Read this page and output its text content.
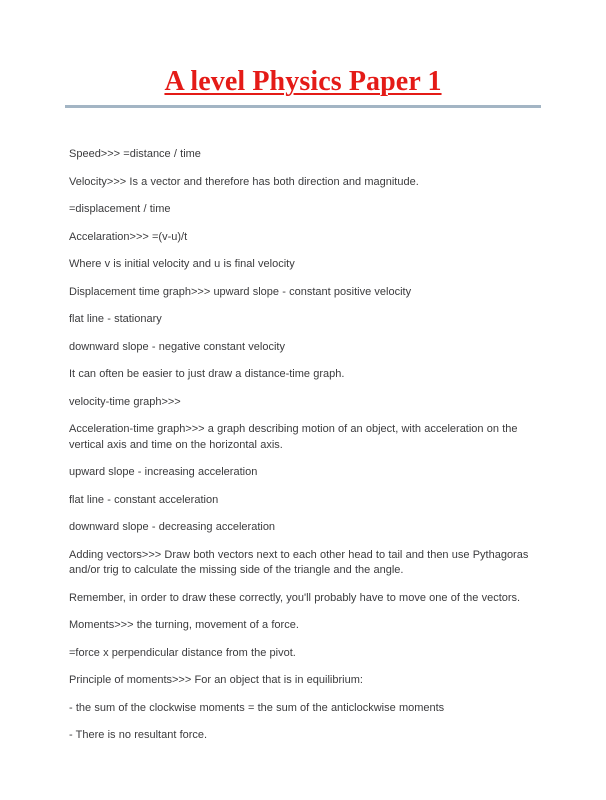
A level Physics Paper 1

Speed>>> =distance / time

Velocity>>> Is a vector and therefore has both direction and magnitude.

=displacement / time

Accelaration>>> =(v-u)/t

Where v is initial velocity and u is final velocity

Displacement time graph>>> upward slope - constant positive velocity

flat line - stationary

downward slope - negative constant velocity

It can often be easier to just draw a distance-time graph.

velocity-time graph>>>

Acceleration-time graph>>> a graph describing motion of an object, with acceleration on the vertical axis and time on the horizontal axis.

upward slope - increasing acceleration

flat line - constant acceleration

downward slope - decreasing acceleration

Adding vectors>>> Draw both vectors next to each other head to tail and then use Pythagoras and/or trig to calculate the missing side of the triangle and the angle.

Remember, in order to draw these correctly, you'll probably have to move one of the vectors.

Moments>>> the turning, movement of a force.

=force x perpendicular distance from the pivot.

Principle of moments>>> For an object that is in equilibrium:

- the sum of the clockwise moments = the sum of the anticlockwise moments

- There is no resultant force.
